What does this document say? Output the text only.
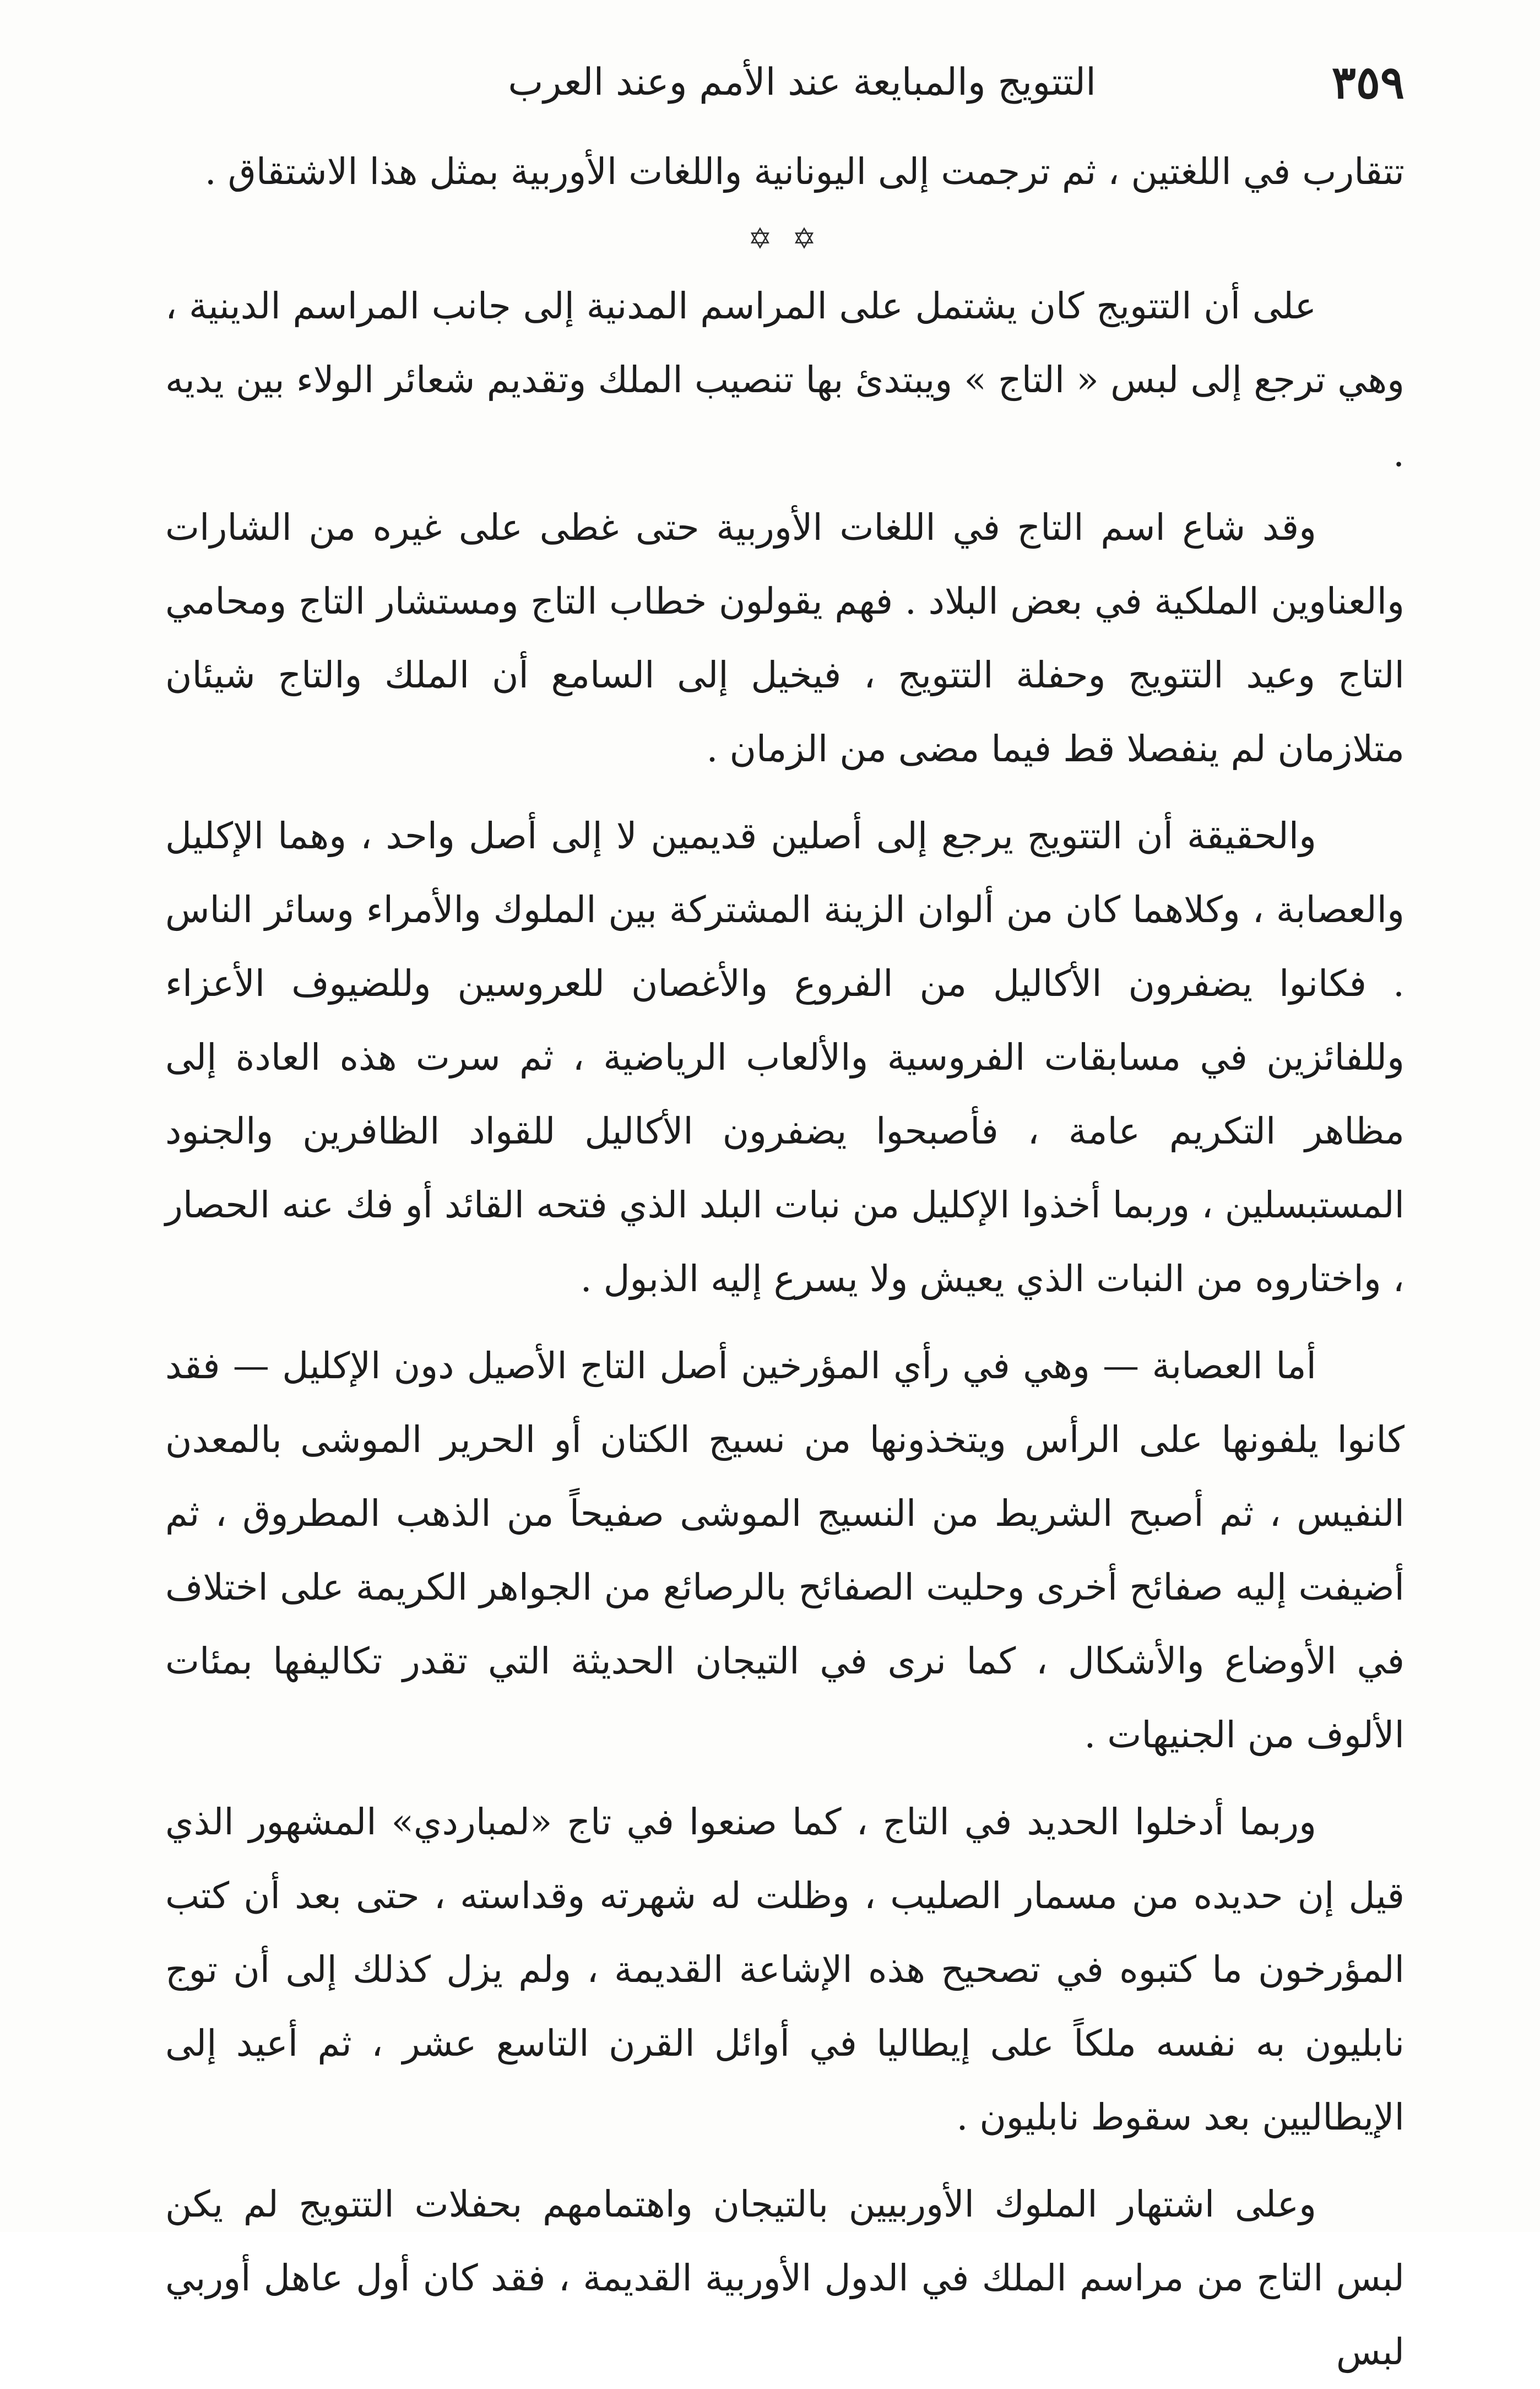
٣٥٩
التتويج والمبايعة عند الأمم وعند العرب

تتقارب في اللغتين ، ثم ترجمت إلى اليونانية واللغات الأوربية بمثل هذا الاشتقاق .

✡ ✡

على أن التتويج كان يشتمل على المراسم المدنية إلى جانب المراسم الدينية ، وهي ترجع إلى لبس « التاج » ويبتدئ بها تنصيب الملك وتقديم شعائر الولاء بين يديه .

وقد شاع اسم التاج في اللغات الأوربية حتى غطى على غيره من الشارات والعناوين الملكية في بعض البلاد . فهم يقولون خطاب التاج ومستشار التاج ومحامي التاج وعيد التتويج وحفلة التتويج ، فيخيل إلى السامع أن الملك والتاج شيئان متلازمان لم ينفصلا قط فيما مضى من الزمان .

والحقيقة أن التتويج يرجع إلى أصلين قديمين لا إلى أصل واحد ، وهما الإكليل والعصابة ، وكلاهما كان من ألوان الزينة المشتركة بين الملوك والأمراء وسائر الناس . فكانوا يضفرون الأكاليل من الفروع والأغصان للعروسين وللضيوف الأعزاء وللفائزين في مسابقات الفروسية والألعاب الرياضية ، ثم سرت هذه العادة إلى مظاهر التكريم عامة ، فأصبحوا يضفرون الأكاليل للقواد الظافرين والجنود المستبسلين ، وربما أخذوا الإكليل من نبات البلد الذي فتحه القائد أو فك عنه الحصار ، واختاروه من النبات الذي يعيش ولا يسرع إليه الذبول .

أما العصابة — وهي في رأي المؤرخين أصل التاج الأصيل دون الإكليل — فقد كانوا يلفونها على الرأس ويتخذونها من نسيج الكتان أو الحرير الموشى بالمعدن النفيس ، ثم أصبح الشريط من النسيج الموشى صفيحاً من الذهب المطروق ، ثم أضيفت إليه صفائح أخرى وحليت الصفائح بالرصائع من الجواهر الكريمة على اختلاف في الأوضاع والأشكال ، كما نرى في التيجان الحديثة التي تقدر تكاليفها بمئات الألوف من الجنيهات .

وربما أدخلوا الحديد في التاج ، كما صنعوا في تاج «لمباردي» المشهور الذي قيل إن حديده من مسمار الصليب ، وظلت له شهرته وقداسته ، حتى بعد أن كتب المؤرخون ما كتبوه في تصحيح هذه الإشاعة القديمة ، ولم يزل كذلك إلى أن توج نابليون به نفسه ملكاً على إيطاليا في أوائل القرن التاسع عشر ، ثم أعيد إلى الإيطاليين بعد سقوط نابليون .

وعلى اشتهار الملوك الأوربيين بالتيجان واهتمامهم بحفلات التتويج لم يكن لبس التاج من مراسم الملك في الدول الأوربية القديمة ، فقد كان أول عاهل أوربي لبس
